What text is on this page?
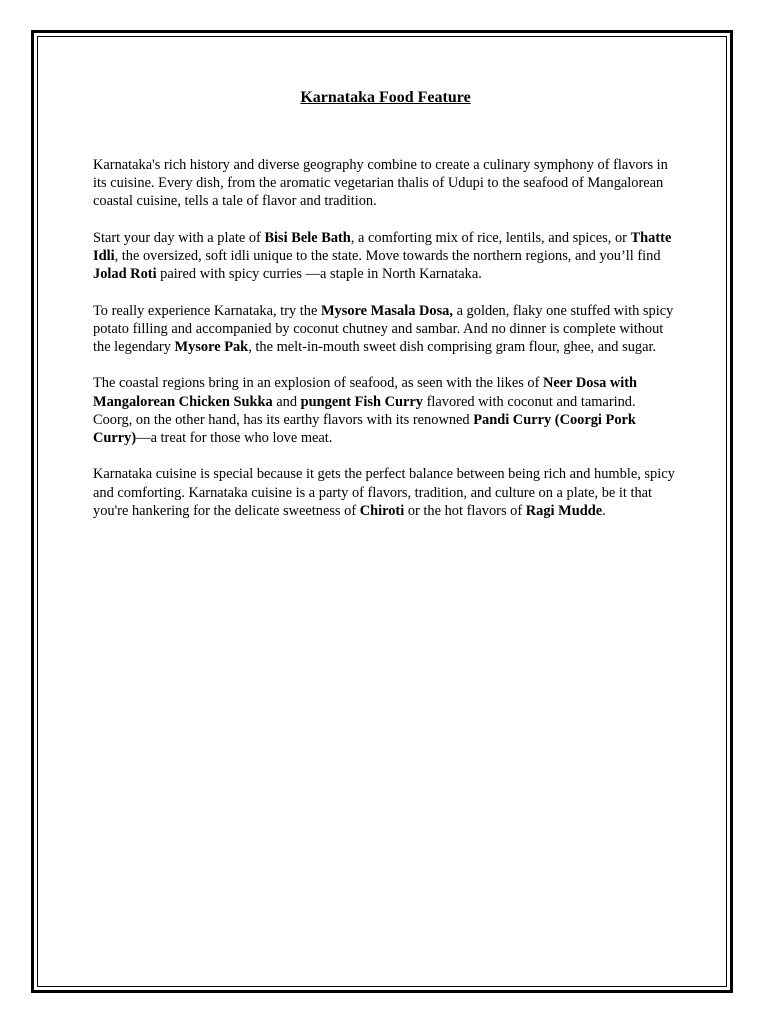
Karnataka Food Feature

Karnataka's rich history and diverse geography combine to create a culinary symphony of flavors in its cuisine. Every dish, from the aromatic vegetarian thalis of Udupi to the seafood of Mangalorean coastal cuisine, tells a tale of flavor and tradition.

Start your day with a plate of Bisi Bele Bath, a comforting mix of rice, lentils, and spices, or Thatte Idli, the oversized, soft idli unique to the state. Move towards the northern regions, and you’ll find Jolad Roti paired with spicy curries —a staple in North Karnataka.

To really experience Karnataka, try the Mysore Masala Dosa, a golden, flaky one stuffed with spicy potato filling and accompanied by coconut chutney and sambar. And no dinner is complete without the legendary Mysore Pak, the melt-in-mouth sweet dish comprising gram flour, ghee, and sugar.

The coastal regions bring in an explosion of seafood, as seen with the likes of Neer Dosa with Mangalorean Chicken Sukka and pungent Fish Curry flavored with coconut and tamarind. Coorg, on the other hand, has its earthy flavors with its renowned Pandi Curry (Coorgi Pork Curry)—a treat for those who love meat.

Karnataka cuisine is special because it gets the perfect balance between being rich and humble, spicy and comforting. Karnataka cuisine is a party of flavors, tradition, and culture on a plate, be it that you're hankering for the delicate sweetness of Chiroti or the hot flavors of Ragi Mudde.
